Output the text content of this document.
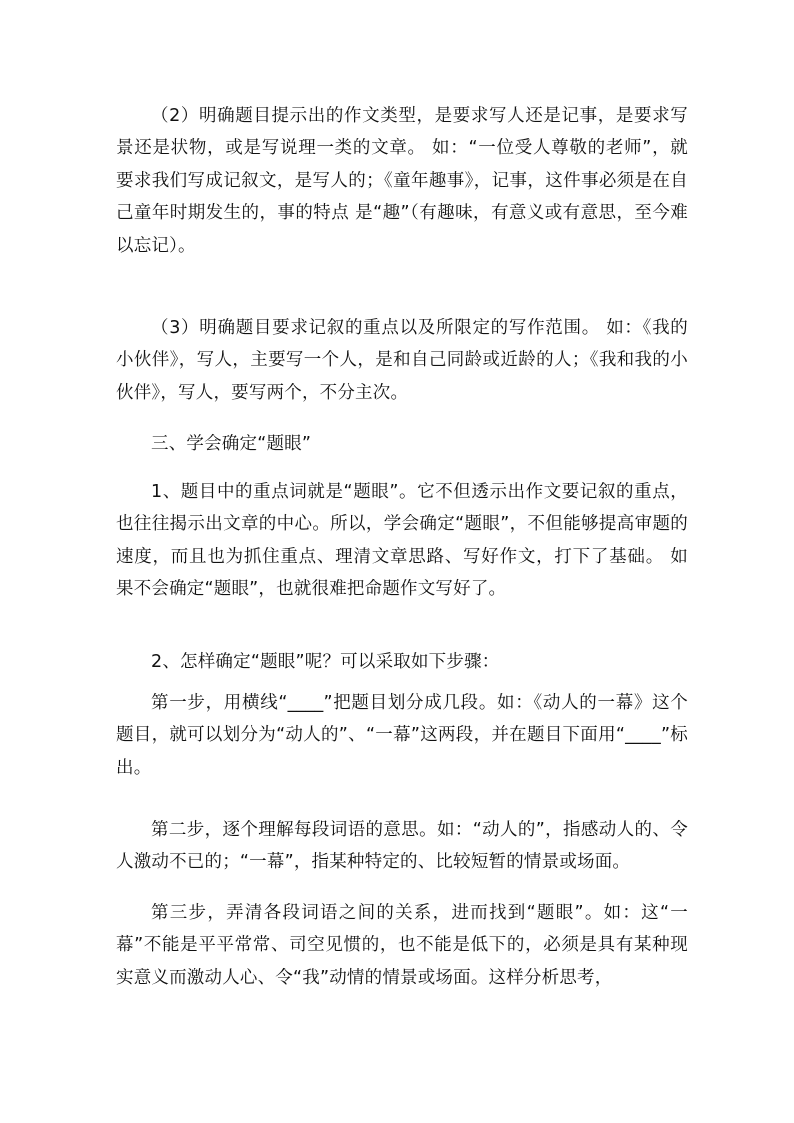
（2）明确题目提示出的作文类型，是要求写人还是记事，是要求写景还是状物，或是写说理一类的文章。 如：“一位受人尊敬的老师”，就要求我们写成记叙文，是写人的；《童年趣事》，记事，这件事必须是在自己童年时期发生的，事的特点 是“趣”（有趣味，有意义或有意思，至今难以忘记）。

（3）明确题目要求记叙的重点以及所限定的写作范围。 如：《我的小伙伴》，写人，主要写一个人，是和自己同龄或近龄的人；《我和我的小伙伴》，写人，要写两个，不分主次。

三、学会确定“题眼”

1、题目中的重点词就是“题眼”。它不但透示出作文要记叙的重点，也往往揭示出文章的中心。所以，学会确定“题眼”，不但能够提高审题的速度，而且也为抓住重点、理清文章思路、写好作文，打下了基础。 如果不会确定“题眼”，也就很难把命题作文写好了。

2、怎样确定“题眼”呢？可以采取如下步骤：

第一步，用横线“____”把题目划分成几段。如：《动人的一幕》这个题目，就可以划分为“动人的”、“一幕”这两段，并在题目下面用“____”标出。

第二步，逐个理解每段词语的意思。如：“动人的”，指感动人的、令人激动不已的；“一幕”，指某种特定的、比较短暂的情景或场面。

第三步，弄清各段词语之间的关系，进而找到“题眼”。如：这“一幕”不能是平平常常、司空见惯的，也不能是低下的，必须是具有某种现实意义而激动人心、令“我”动情的情景或场面。这样分析思考，
